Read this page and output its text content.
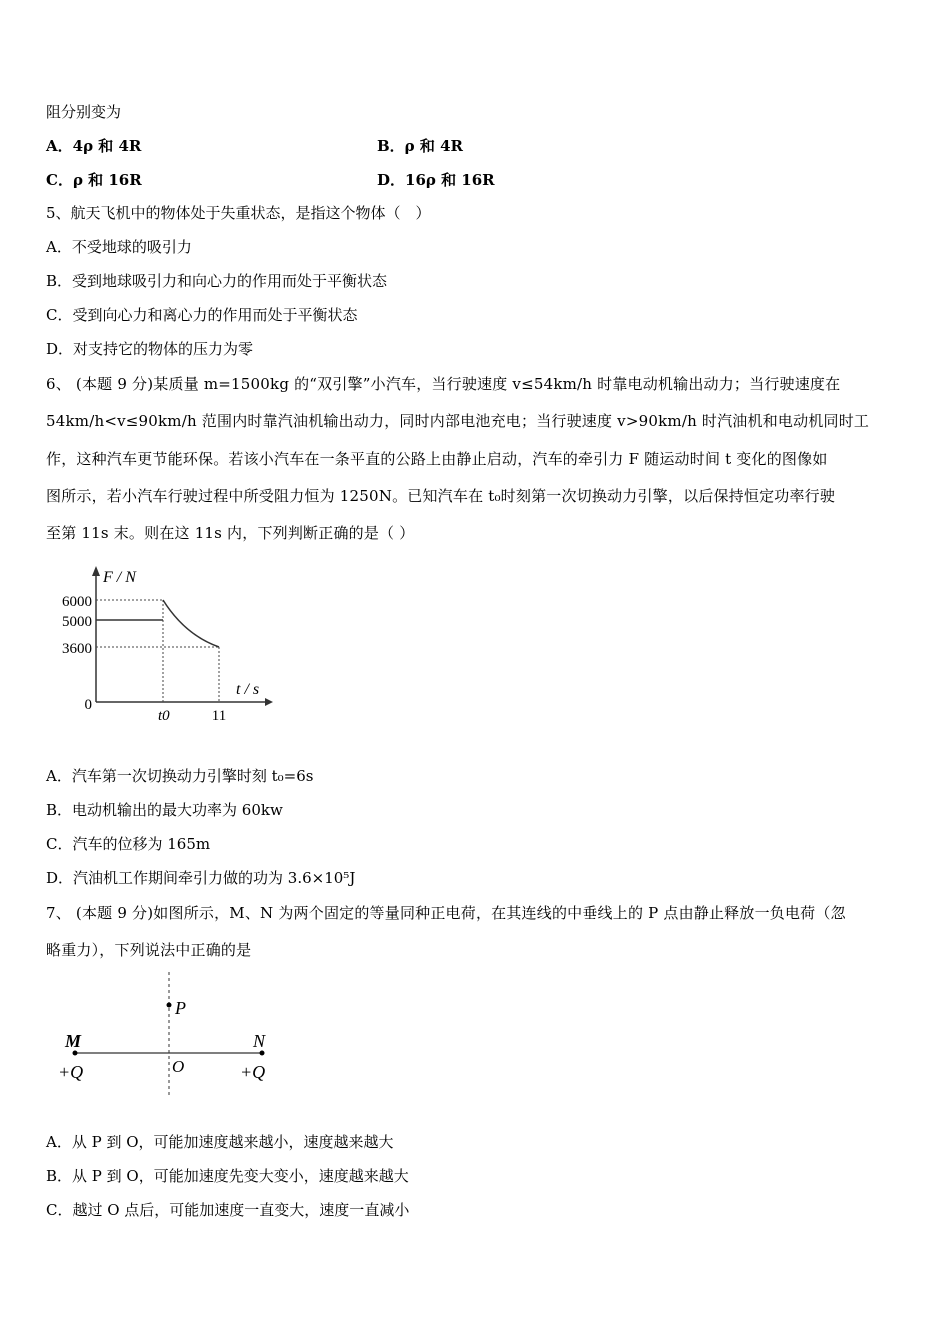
阻分别变为
A．4ρ 和 4R	B．ρ 和 4R
C．ρ 和 16R	D．16ρ 和 16R
5、航天飞机中的物体处于失重状态，是指这个物体（　）
A．不受地球的吸引力
B．受到地球吸引力和向心力的作用而处于平衡状态
C．受到向心力和离心力的作用而处于平衡状态
D．对支持它的物体的压力为零
6、 (本题 9 分)某质量 m=1500kg 的“双引擎”小汽车，当行驶速度 v≤54km/h 时靠电动机输出动力；当行驶速度在
54km/h<v≤90km/h 范围内时靠汽油机输出动力，同时内部电池充电；当行驶速度 v>90km/h 时汽油机和电动机同时工
作，这种汽车更节能环保。若该小汽车在一条平直的公路上由静止启动，汽车的牵引力 F 随运动时间 t 变化的图像如
图所示，若小汽车行驶过程中所受阻力恒为 1250N。已知汽车在 t₀时刻第一次切换动力引擎，以后保持恒定功率行驶
至第 11s 末。则在这 11s 内，下列判断正确的是（ ）
F / N
t / s
6000
5000
3600
0
t0	11
A．汽车第一次切换动力引擎时刻 t₀=6s
B．电动机输出的最大功率为 60kw
C．汽车的位移为 165m
D．汽油机工作期间牵引力做的功为 3.6×10⁵J
7、 (本题 9 分)如图所示，M、N 为两个固定的等量同种正电荷，在其连线的中垂线上的 P 点由静止释放一负电荷（忽
略重力），下列说法中正确的是
M	N
P
O
+Q	+Q
A．从 P 到 O，可能加速度越来越小，速度越来越大
B．从 P 到 O，可能加速度先变大变小，速度越来越大
C．越过 O 点后，可能加速度一直变大，速度一直减小
